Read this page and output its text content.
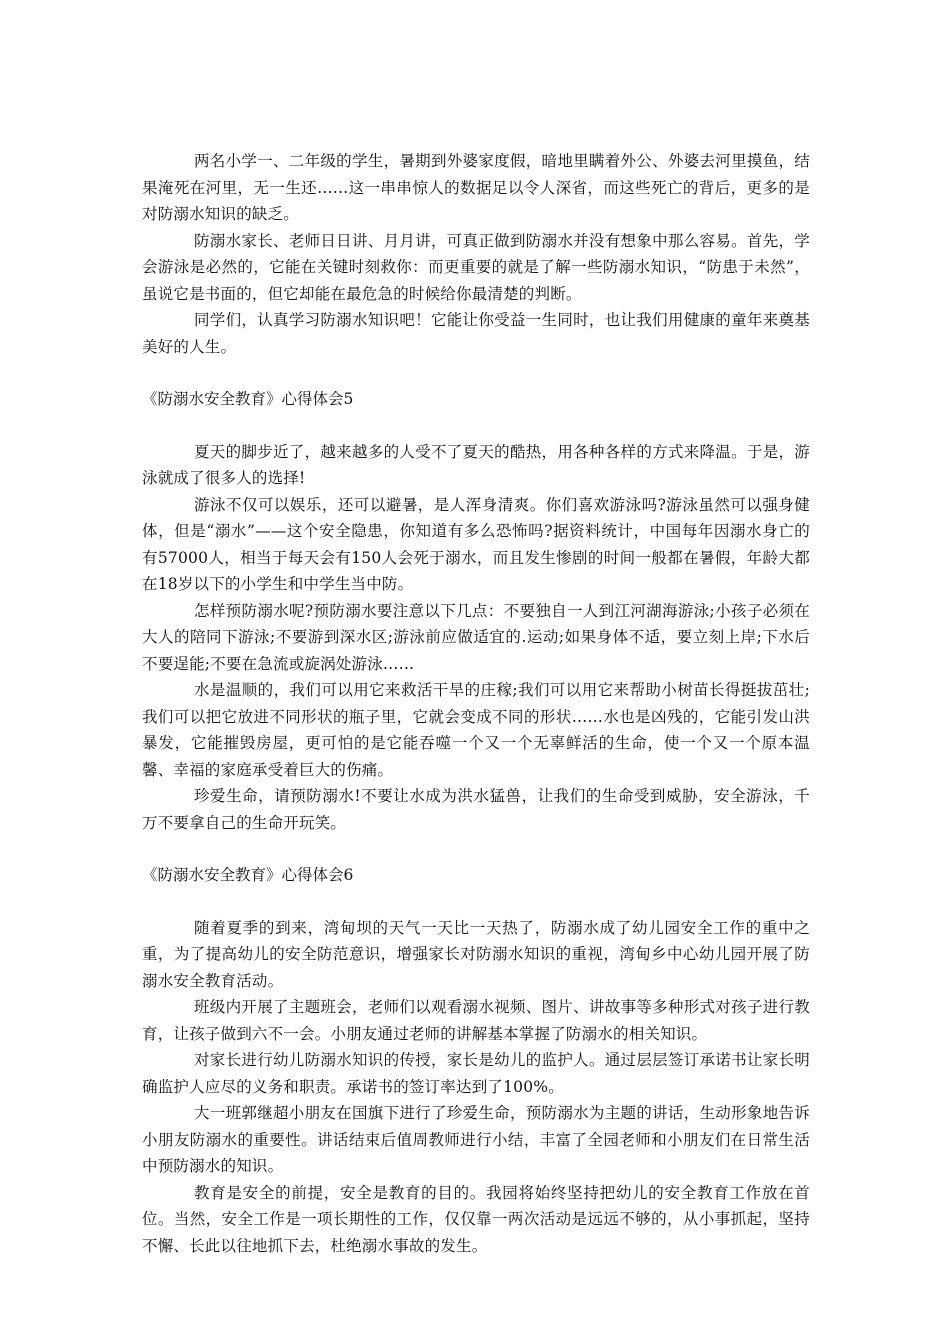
两名小学一、二年级的学生，暑期到外婆家度假，暗地里瞒着外公、外婆去河里摸鱼，结果淹死在河里，无一生还……这一串串惊人的数据足以令人深省，而这些死亡的背后，更多的是对防溺水知识的缺乏。

防溺水家长、老师日日讲、月月讲，可真正做到防溺水并没有想象中那么容易。首先，学会游泳是必然的，它能在关键时刻救你：而更重要的就是了解一些防溺水知识，“防患于未然”，虽说它是书面的，但它却能在最危急的时候给你最清楚的判断。

同学们，认真学习防溺水知识吧！它能让你受益一生同时，也让我们用健康的童年来奠基美好的人生。

《防溺水安全教育》心得体会5

夏天的脚步近了，越来越多的人受不了夏天的酷热，用各种各样的方式来降温。于是，游泳就成了很多人的选择!

游泳不仅可以娱乐，还可以避暑，是人浑身清爽。你们喜欢游泳吗?游泳虽然可以强身健体，但是“溺水”——这个安全隐患，你知道有多么恐怖吗?据资料统计，中国每年因溺水身亡的有57000人，相当于每天会有150人会死于溺水，而且发生惨剧的时间一般都在暑假，年龄大都在18岁以下的小学生和中学生当中防。

怎样预防溺水呢?预防溺水要注意以下几点：不要独自一人到江河湖海游泳;小孩子必须在大人的陪同下游泳;不要游到深水区;游泳前应做适宜的.运动;如果身体不适，要立刻上岸;下水后不要逞能;不要在急流或旋涡处游泳……

水是温顺的，我们可以用它来救活干旱的庄稼;我们可以用它来帮助小树苗长得挺拔茁壮;我们可以把它放进不同形状的瓶子里，它就会变成不同的形状……水也是凶残的，它能引发山洪暴发，它能摧毁房屋，更可怕的是它能吞噬一个又一个无辜鲜活的生命，使一个又一个原本温馨、幸福的家庭承受着巨大的伤痛。

珍爱生命，请预防溺水!不要让水成为洪水猛兽，让我们的生命受到威胁，安全游泳，千万不要拿自己的生命开玩笑。

《防溺水安全教育》心得体会6

随着夏季的到来，湾甸坝的天气一天比一天热了，防溺水成了幼儿园安全工作的重中之重，为了提高幼儿的安全防范意识，增强家长对防溺水知识的重视，湾甸乡中心幼儿园开展了防溺水安全教育活动。

班级内开展了主题班会，老师们以观看溺水视频、图片、讲故事等多种形式对孩子进行教育，让孩子做到六不一会。小朋友通过老师的讲解基本掌握了防溺水的相关知识。

对家长进行幼儿防溺水知识的传授，家长是幼儿的监护人。通过层层签订承诺书让家长明确监护人应尽的义务和职责。承诺书的签订率达到了100%。

大一班郭继超小朋友在国旗下进行了珍爱生命，预防溺水为主题的讲话，生动形象地告诉小朋友防溺水的重要性。讲话结束后值周教师进行小结，丰富了全园老师和小朋友们在日常生活中预防溺水的知识。

教育是安全的前提，安全是教育的目的。我园将始终坚持把幼儿的安全教育工作放在首位。当然，安全工作是一项长期性的工作，仅仅靠一两次活动是远远不够的，从小事抓起，坚持不懈、长此以往地抓下去，杜绝溺水事故的发生。
